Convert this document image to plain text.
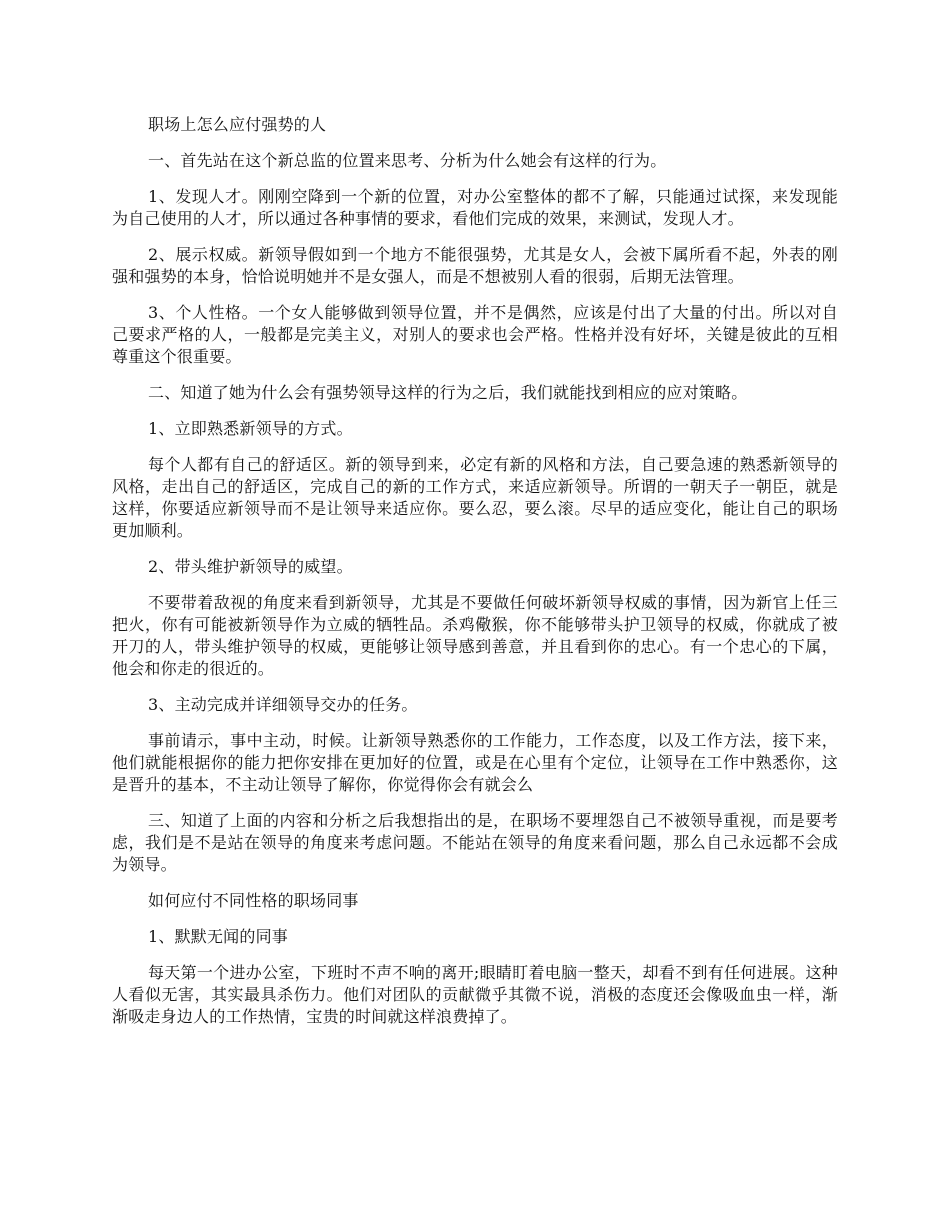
职场上怎么应付强势的人

一、首先站在这个新总监的位置来思考、分析为什么她会有这样的行为。

1、发现人才。刚刚空降到一个新的位置，对办公室整体的都不了解，只能通过试探，来发现能为自己使用的人才，所以通过各种事情的要求，看他们完成的效果，来测试，发现人才。

2、展示权威。新领导假如到一个地方不能很强势，尤其是女人，会被下属所看不起，外表的刚强和强势的本身，恰恰说明她并不是女强人，而是不想被别人看的很弱，后期无法管理。

3、个人性格。一个女人能够做到领导位置，并不是偶然，应该是付出了大量的付出。所以对自己要求严格的人，一般都是完美主义，对别人的要求也会严格。性格并没有好坏，关键是彼此的互相尊重这个很重要。

二、知道了她为什么会有强势领导这样的行为之后，我们就能找到相应的应对策略。

1、立即熟悉新领导的方式。

每个人都有自己的舒适区。新的领导到来，必定有新的风格和方法，自己要急速的熟悉新领导的风格，走出自己的舒适区，完成自己的新的工作方式，来适应新领导。所谓的一朝天子一朝臣，就是这样，你要适应新领导而不是让领导来适应你。要么忍，要么滚。尽早的适应变化，能让自己的职场更加顺利。

2、带头维护新领导的威望。

不要带着敌视的角度来看到新领导，尤其是不要做任何破坏新领导权威的事情，因为新官上任三把火，你有可能被新领导作为立威的牺牲品。杀鸡儆猴，你不能够带头护卫领导的权威，你就成了被开刀的人，带头维护领导的权威，更能够让领导感到善意，并且看到你的忠心。有一个忠心的下属，他会和你走的很近的。

3、主动完成并详细领导交办的任务。

事前请示，事中主动，时候。让新领导熟悉你的工作能力，工作态度，以及工作方法，接下来，他们就能根据你的能力把你安排在更加好的位置，或是在心里有个定位，让领导在工作中熟悉你，这是晋升的基本，不主动让领导了解你，你觉得你会有就会么

三、知道了上面的内容和分析之后我想指出的是，在职场不要埋怨自己不被领导重视，而是要考虑，我们是不是站在领导的角度来考虑问题。不能站在领导的角度来看问题，那么自己永远都不会成为领导。

如何应付不同性格的职场同事

1、默默无闻的同事

每天第一个进办公室，下班时不声不响的离开;眼睛盯着电脑一整天，却看不到有任何进展。这种人看似无害，其实最具杀伤力。他们对团队的贡献微乎其微不说，消极的态度还会像吸血虫一样，渐渐吸走身边人的工作热情，宝贵的时间就这样浪费掉了。
